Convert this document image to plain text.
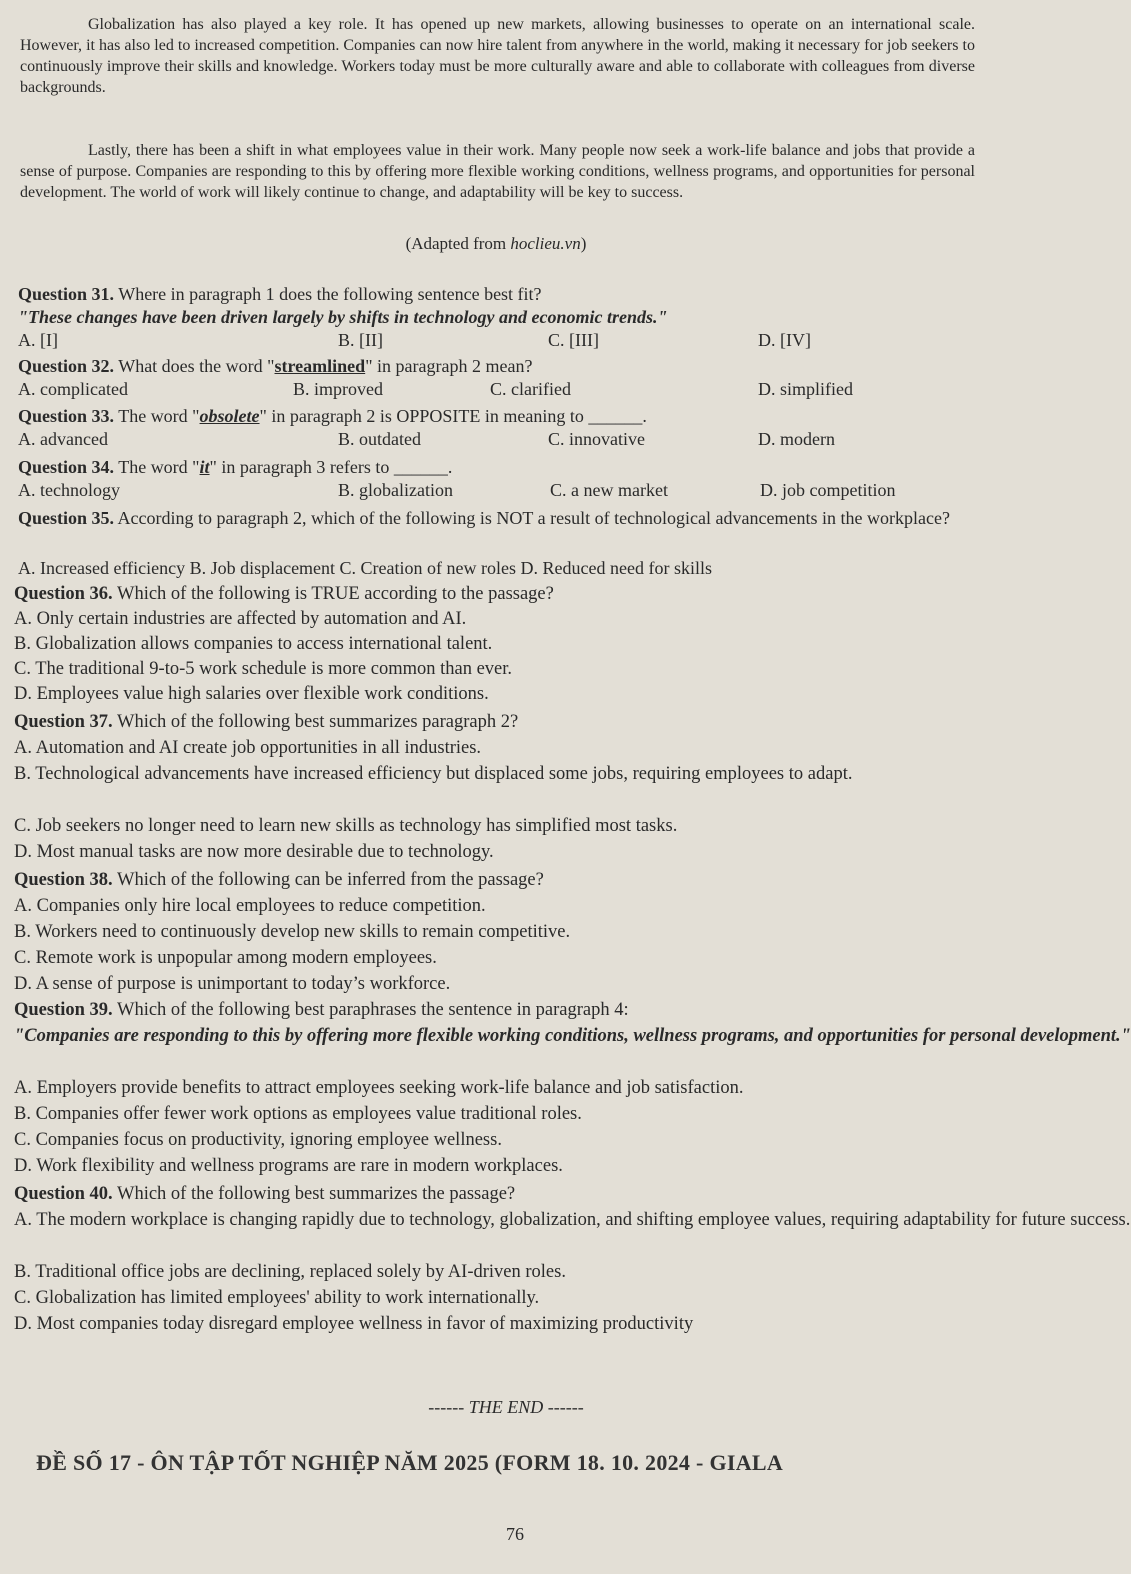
Globalization has also played a key role. It has opened up new markets, allowing businesses to operate on an international scale. However, it has also led to increased competition. Companies can now hire talent from anywhere in the world, making it necessary for job seekers to continuously improve their skills and knowledge. Workers today must be more culturally aware and able to collaborate with colleagues from diverse backgrounds.

Lastly, there has been a shift in what employees value in their work. Many people now seek a work-life balance and jobs that provide a sense of purpose. Companies are responding to this by offering more flexible working conditions, wellness programs, and opportunities for personal development. The world of work will likely continue to change, and adaptability will be key to success.

(Adapted from hoclieu.vn)
Question 31. Where in paragraph 1 does the following sentence best fit?
"These changes have been driven largely by shifts in technology and economic trends."
A. [I]	B. [II]	C. [III]	D. [IV]
Question 32. What does the word "streamlined" in paragraph 2 mean?
A. complicated	B. improved	C. clarified	D. simplified
Question 33. The word "obsolete" in paragraph 2 is OPPOSITE in meaning to ______.
A. advanced	B. outdated	C. innovative	D. modern
Question 34. The word "it" in paragraph 3 refers to ______.
A. technology	B. globalization	C. a new market	D. job competition
Question 35. According to paragraph 2, which of the following is NOT a result of technological advancements in the workplace?
A. Increased efficiency B. Job displacement C. Creation of new roles D. Reduced need for skills
Question 36. Which of the following is TRUE according to the passage?
A. Only certain industries are affected by automation and AI.
B. Globalization allows companies to access international talent.
C. The traditional 9-to-5 work schedule is more common than ever.
D. Employees value high salaries over flexible work conditions.
Question 37. Which of the following best summarizes paragraph 2?
A. Automation and AI create job opportunities in all industries.
B. Technological advancements have increased efficiency but displaced some jobs, requiring employees to adapt.
C. Job seekers no longer need to learn new skills as technology has simplified most tasks.
D. Most manual tasks are now more desirable due to technology.
Question 38. Which of the following can be inferred from the passage?
A. Companies only hire local employees to reduce competition.
B. Workers need to continuously develop new skills to remain competitive.
C. Remote work is unpopular among modern employees.
D. A sense of purpose is unimportant to today’s workforce.
Question 39. Which of the following best paraphrases the sentence in paragraph 4:
"Companies are responding to this by offering more flexible working conditions, wellness programs, and opportunities for personal development."
A. Employers provide benefits to attract employees seeking work-life balance and job satisfaction.
B. Companies offer fewer work options as employees value traditional roles.
C. Companies focus on productivity, ignoring employee wellness.
D. Work flexibility and wellness programs are rare in modern workplaces.
Question 40. Which of the following best summarizes the passage?
A. The modern workplace is changing rapidly due to technology, globalization, and shifting employee values, requiring adaptability for future success.
B. Traditional office jobs are declining, replaced solely by AI-driven roles.
C. Globalization has limited employees' ability to work internationally.
D. Most companies today disregard employee wellness in favor of maximizing productivity
------ THE END ------
ĐỀ SỐ 17 - ÔN TẬP TỐT NGHIỆP NĂM 2025 (FORM 18. 10. 2024 - GIALA
76
